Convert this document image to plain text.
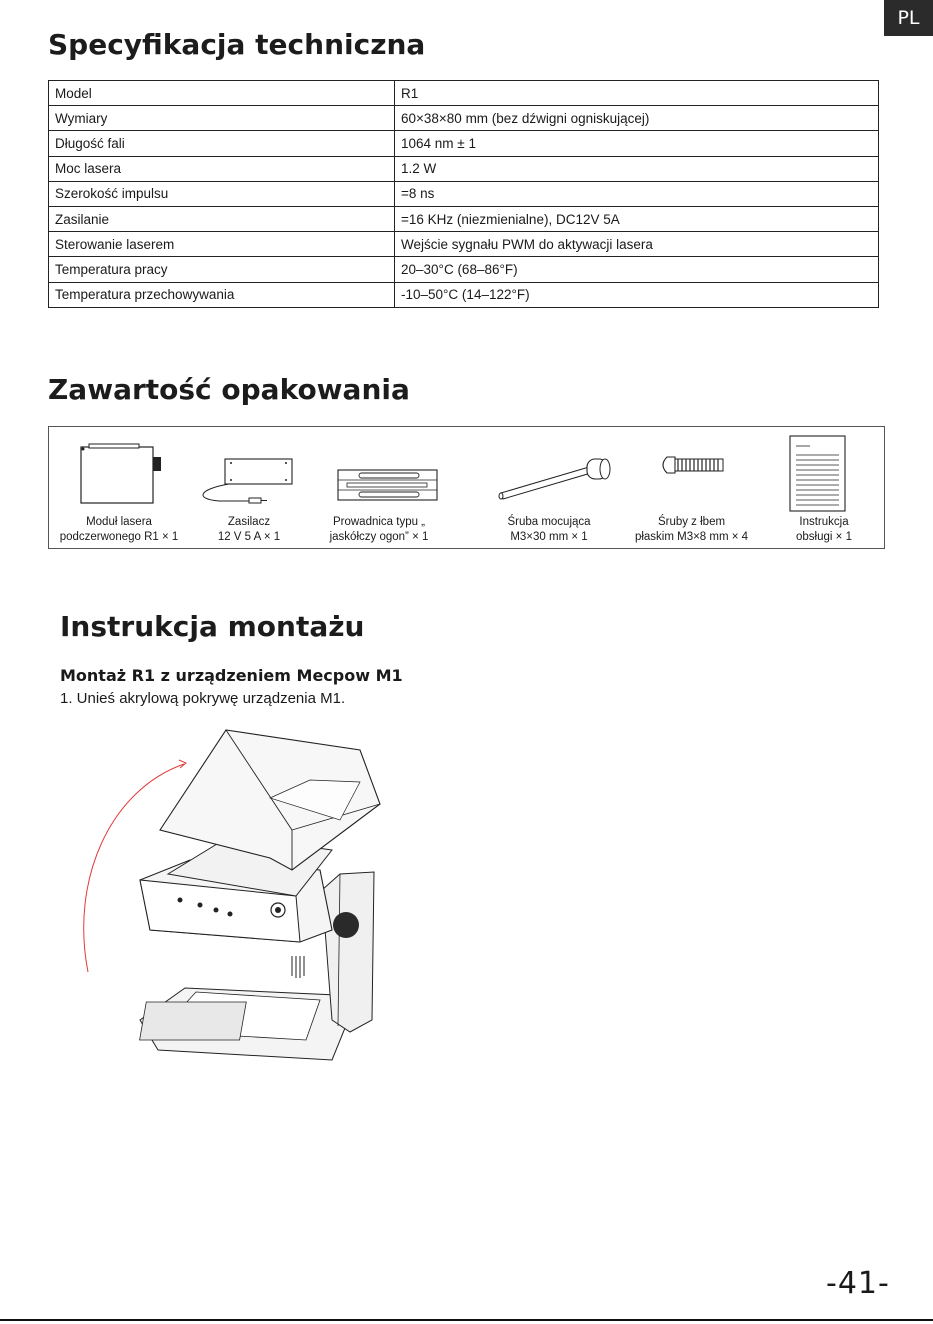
PL
Specyfikacja techniczna
Model	R1
Wymiary	60×38×80 mm (bez dźwigni ogniskującej)
Długość fali	1064 nm ± 1
Moc lasera	1.2 W
Szerokość impulsu	=8 ns
Zasilanie	=16 KHz (niezmienialne), DC12V 5A
Sterowanie laserem	Wejście sygnału PWM do aktywacji lasera
Temperatura pracy	20–30°C (68–86°F)
Temperatura przechowywania	-10–50°C (14–122°F)
Zawartość opakowania
Moduł lasera
podczerwonego R1 × 1
Zasilacz
12 V 5 A × 1
Prowadnica typu „
jaskółczy ogon” × 1
Śruba mocująca
M3×30 mm × 1
Śruby z łbem
płaskim M3×8 mm × 4
Instrukcja
obsługi × 1
Instrukcja montażu
Montaż R1 z urządzeniem Mecpow M1
1. Unieś akrylową pokrywę urządzenia M1.
-41-
